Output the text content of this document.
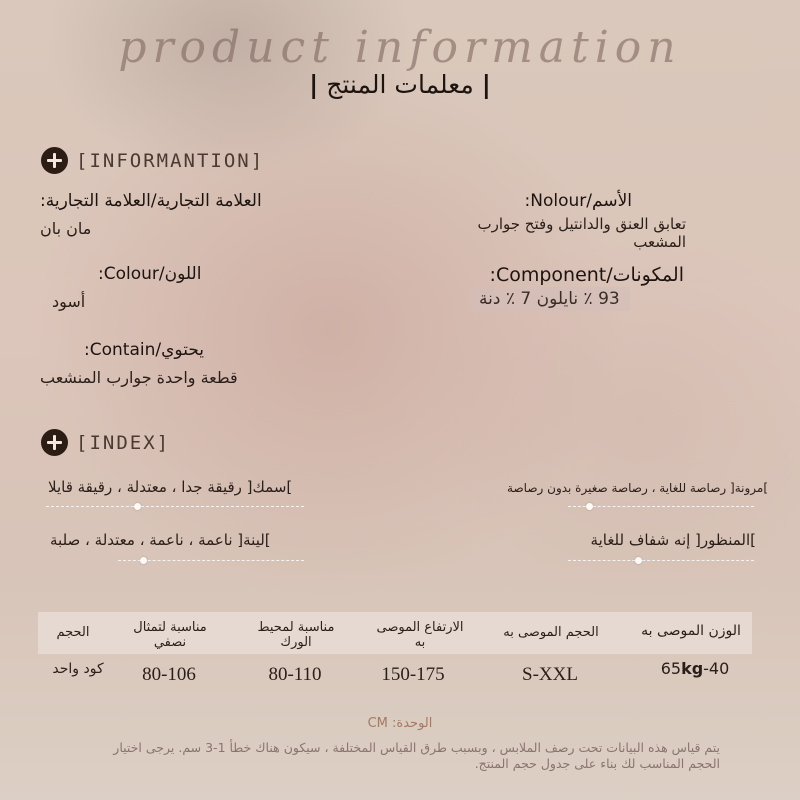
product information
| معلمات المنتج |
[INFORMANTION]
العلامة التجارية/العلامة التجارية:
مان بان
الأسم/Nolour:
تعابق العنق والدانتيل وفتح جوارب المشعب
اللون/Colour:
أسود
المكونات/Component:
93 ٪ نايلون 7 ٪ دنة
يحتوي/Contain:
قطعة واحدة جوارب المنشعب
[INDEX]
]سمك[ رقيقة جدا ، معتدلة ، رقيقة قايلا	]مرونة[ رصاصة للغاية ، رصاصة صغيرة بدون رصاصة
]لينة[ ناعمة ، ناعمة ، معتدلة ، صلبة	]المنظور[ إنه شفاف للغاية
الوزن الموصى به
الحجم الموصى به
الارتفاع الموصى به
مناسبة لمحيط الورك
مناسبة لتمثال نصفي
الحجم
65kg-40
S-XXL
150-175
80-110
80-106
كود واحد
الوحدة: CM
يتم قياس هذه البيانات تحت رصف الملابس ، وبسبب طرق القياس المختلفة ، سيكون هناك خطأ 1-3 سم. يرجى اختيار الحجم المناسب لك بناء على جدول حجم المنتج.
